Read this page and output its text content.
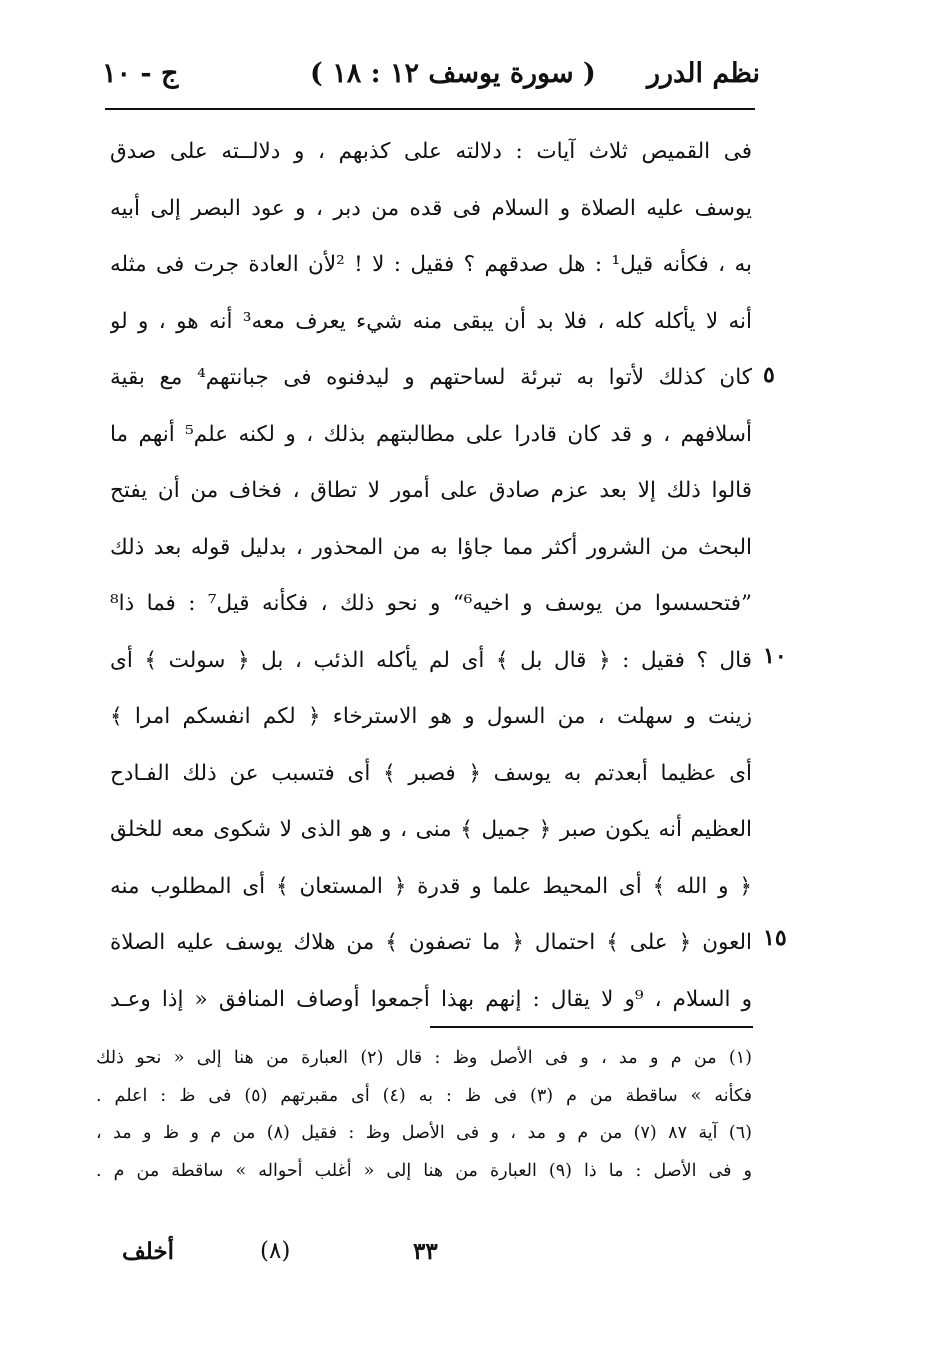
نظم الدرر
( سورة يوسف ١٢ : ١٨ )
ج - ١٠
٥
١٠
١٥
فى القميص ثلاث آيات : دلالته على كذبهم ، و دلالــته على صدق
يوسف عليه الصلاة و السلام فى قده من دبر ، و عود البصر إلى أبيه
به ، فكأنه قيل¹ : هل صدقهم ؟ فقيل : لا ! ²لأن العادة جرت فى مثله
أنه لا يأكله كله ، فلا بد أن يبقى منه شيء يعرف معه³ أنه هو ، و لو
كان كذلك لأتوا به تبرئة لساحتهم و ليدفنوه فى جبانتهم⁴ مع بقية
أسلافهم ، و قد كان قادرا على مطالبتهم بذلك ، و لكنه علم⁵ أنهم ما
قالوا ذلك إلا بعد عزم صادق على أمور لا تطاق ، فخاف من أن يفتح
البحث من الشرور أكثر مما جاؤا به من المحذور ، بدليل قوله بعد ذلك
”فتحسسوا من يوسف و اخيه⁶“ و نحو ذلك ، فكأنه قيل⁷ : فما ذا⁸
قال ؟ فقيل : ﴿ قال بل ﴾ أى لم يأكله الذئب ، بل ﴿ سولت ﴾ أى
زينت و سهلت ، من السول و هو الاسترخاء ﴿ لكم انفسكم امرا ﴾
أى عظيما أبعدتم به يوسف ﴿ فصبر ﴾ أى فتسبب عن ذلك الفـادح
العظيم أنه يكون صبر ﴿ جميل ﴾ منى ، و هو الذى لا شكوى معه للخلق
﴿ و الله ﴾ أى المحيط علما و قدرة ﴿ المستعان ﴾ أى المطلوب منه
العون ﴿ على ﴾ احتمال ﴿ ما تصفون ﴾ من هلاك يوسف عليه الصلاة
و السلام ، ⁹و لا يقال : إنهم بهذا أجمعوا أوصاف المنافق « إذا وعـد
(١) من م و مد ، و فى الأصل وظ : قال (٢) العبارة من هنا إلى « نحو ذلك
فكأنه » ساقطة من م (٣) فى ظ : به (٤) أى مقبرتهم (٥) فى ظ : اعلم .
(٦) آية ٨٧ (٧) من م و مد ، و فى الأصل وظ : فقيل (٨) من م و ظ و مد ،
و فى الأصل : ما ذا (٩) العبارة من هنا إلى « أغلب أحواله » ساقطة من م .
(٨)	٣٣
أخلف
